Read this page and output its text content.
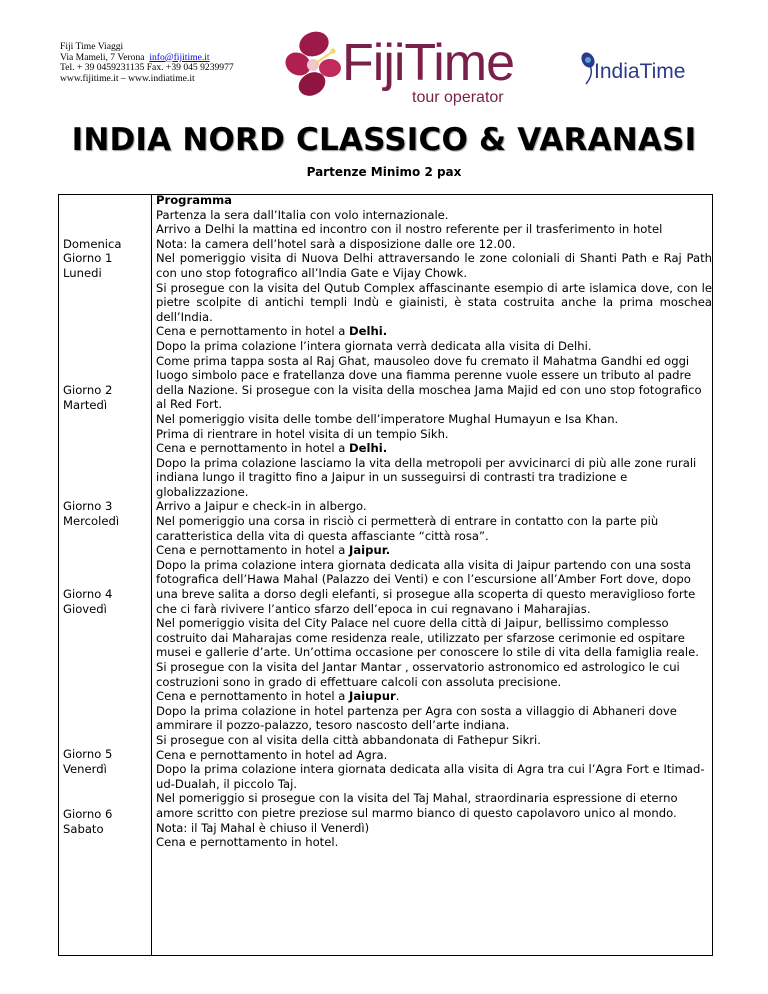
Fiji Time Viaggi
Via Mameli, 7 Verona info@fijitime.it
Tel. + 39 0459231135 Fax. +39 045 9239977
www.fijitime.it – www.indiatime.it	FijiTime
tour operator
IndiaTime
INDIA NORD CLASSICO & VARANASI
Partenze Minimo 2 pax
Domenica
Giorno 1
Lunedi
Giorno 2
Martedì
Giorno 3
Mercoledì
Giorno 4
Giovedì
Giorno 5
Venerdì
Giorno 6
Sabato

Programma

Partenza la sera dall’Italia con volo internazionale.

Arrivo a Delhi la mattina ed incontro con il nostro referente per il trasferimento in hotel

Nota: la camera dell’hotel sarà a disposizione dalle ore 12.00.

Nel pomeriggio visita di Nuova Delhi attraversando le zone coloniali di Shanti Path e Raj Path con uno stop fotografico all’India Gate e Vijay Chowk.

Si prosegue con la visita del Qutub Complex affascinante esempio di arte islamica dove, con le pietre scolpite di antichi templi Indù e giainisti, è stata costruita anche la prima moschea dell’India.

Cena e pernottamento in hotel a Delhi.

Dopo la prima colazione l’intera giornata verrà dedicata alla visita di Delhi.

Come prima tappa sosta al Raj Ghat, mausoleo dove fu cremato il Mahatma Gandhi ed oggi luogo simbolo pace e fratellanza dove una fiamma perenne vuole essere un tributo al padre della Nazione. Si prosegue con la visita della moschea Jama Majid ed con uno stop fotografico al Red Fort.

Nel pomeriggio visita delle tombe dell’imperatore Mughal Humayun e Isa Khan.

Prima di rientrare in hotel visita di un tempio Sikh.

Cena e pernottamento in hotel a Delhi.

Dopo la prima colazione lasciamo la vita della metropoli per avvicinarci di più alle zone rurali indiana lungo il tragitto fino a Jaipur in un susseguirsi di contrasti tra tradizione e globalizzazione.

Arrivo a Jaipur e check-in in albergo.

Nel pomeriggio una corsa in risciò ci permetterà di entrare in contatto con la parte più caratteristica della vita di questa affasciante “città rosa”.

Cena e pernottamento in hotel a Jaipur.

Dopo la prima colazione intera giornata dedicata alla visita di Jaipur partendo con una sosta fotografica dell’Hawa Mahal (Palazzo dei Venti) e con l’escursione all’Amber Fort dove, dopo una breve salita a dorso degli elefanti, si prosegue alla scoperta di questo meraviglioso forte che ci farà rivivere l’antico sfarzo dell’epoca in cui regnavano i Maharajias.

Nel pomeriggio visita del City Palace nel cuore della città di Jaipur, bellissimo complesso costruito dai Maharajas come residenza reale, utilizzato per sfarzose cerimonie ed ospitare musei e gallerie d’arte. Un’ottima occasione per conoscere lo stile di vita della famiglia reale.

Si prosegue con la visita del Jantar Mantar , osservatorio astronomico ed astrologico le cui costruzioni sono in grado di effettuare calcoli con assoluta precisione.

Cena e pernottamento in hotel a Jaiupur.

Dopo la prima colazione in hotel partenza per Agra con sosta a villaggio di Abhaneri dove ammirare il pozzo-palazzo, tesoro nascosto dell’arte indiana.

Si prosegue con al visita della città abbandonata di Fathepur Sikri.

Cena e pernottamento in hotel ad Agra.

Dopo la prima colazione intera giornata dedicata alla visita di Agra tra cui l’Agra Fort e Itimad-ud-Dualah, il piccolo Taj.

Nel pomeriggio si prosegue con la visita del Taj Mahal, straordinaria espressione di eterno amore scritto con pietre preziose sul marmo bianco di questo capolavoro unico al mondo.

Nota: il Taj Mahal è chiuso il Venerdì)

Cena e pernottamento in hotel.
